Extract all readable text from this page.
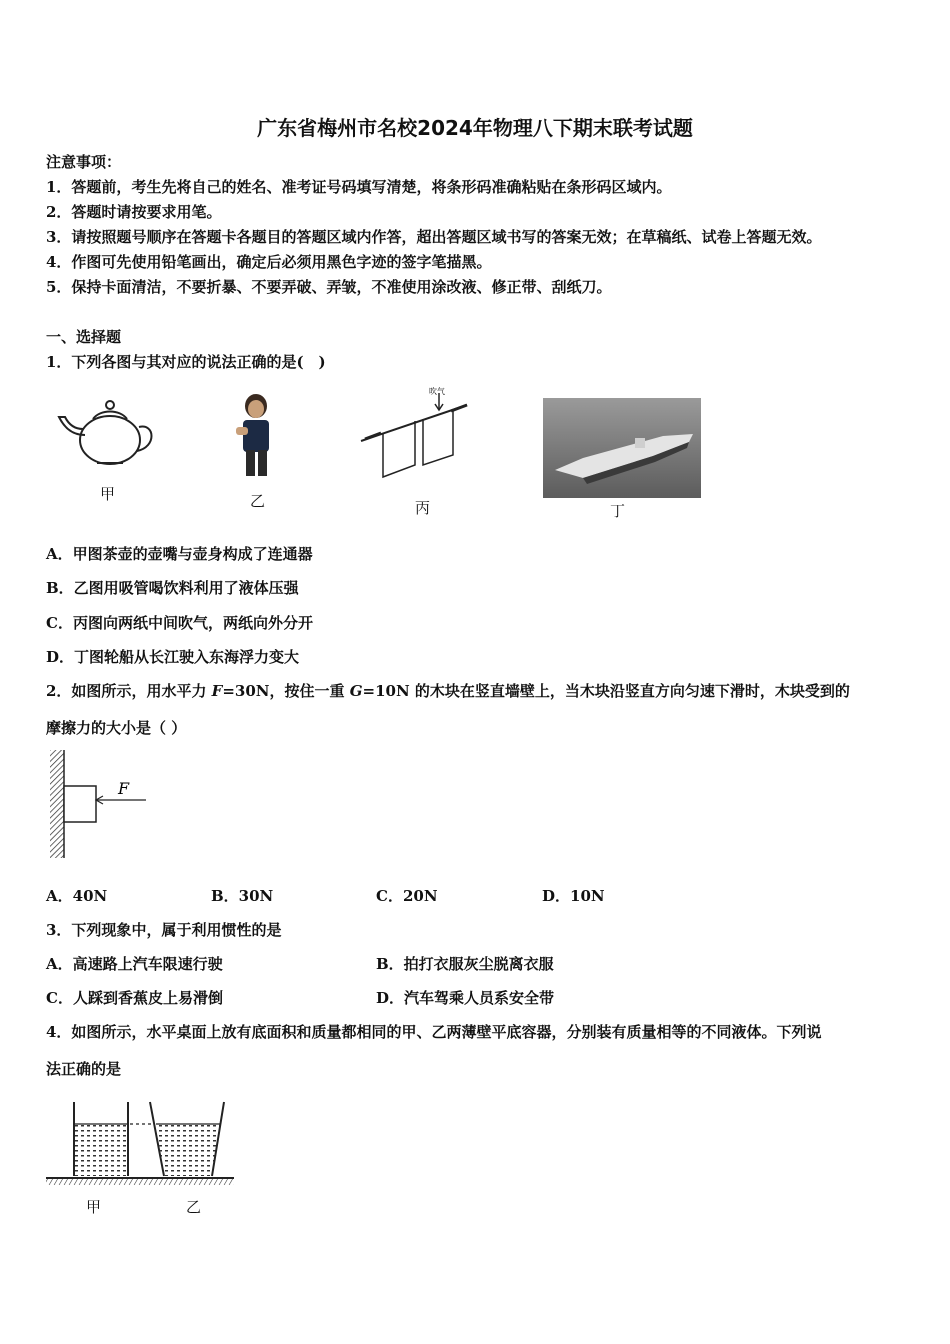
广东省梅州市名校2024年物理八下期末联考试题
注意事项：
1．答题前，考生先将自己的姓名、准考证号码填写清楚，将条形码准确粘贴在条形码区域内。
2．答题时请按要求用笔。
3．请按照题号顺序在答题卡各题目的答题区域内作答，超出答题区域书写的答案无效；在草稿纸、试卷上答题无效。
4．作图可先使用铅笔画出，确定后必须用黑色字迹的签字笔描黑。
5．保持卡面清洁，不要折暴、不要弄破、弄皱，不准使用涂改液、修正带、刮纸刀。
一、选择题
1．下列各图与其对应的说法正确的是(　)
甲	乙
吹气
丙	丁
A．甲图茶壶的壶嘴与壶身构成了连通器
B．乙图用吸管喝饮料利用了液体压强
C．丙图向两纸中间吹气，两纸向外分开
D．丁图轮船从长江驶入东海浮力变大
2．如图所示，用水平力 F=30N，按住一重 G=10N 的木块在竖直墙壁上，当木块沿竖直方向匀速下滑时，木块受到的
摩擦力的大小是（ ）
F
A．40N	B．30N	C．20N	D．10N
3．下列现象中，属于利用惯性的是
A．高速路上汽车限速行驶	B．拍打衣服灰尘脱离衣服
C．人踩到香蕉皮上易滑倒	D．汽车驾乘人员系安全带
4．如图所示，水平桌面上放有底面积和质量都相同的甲、乙两薄壁平底容器，分别装有质量相等的不同液体。下列说
法正确的是
甲	乙
